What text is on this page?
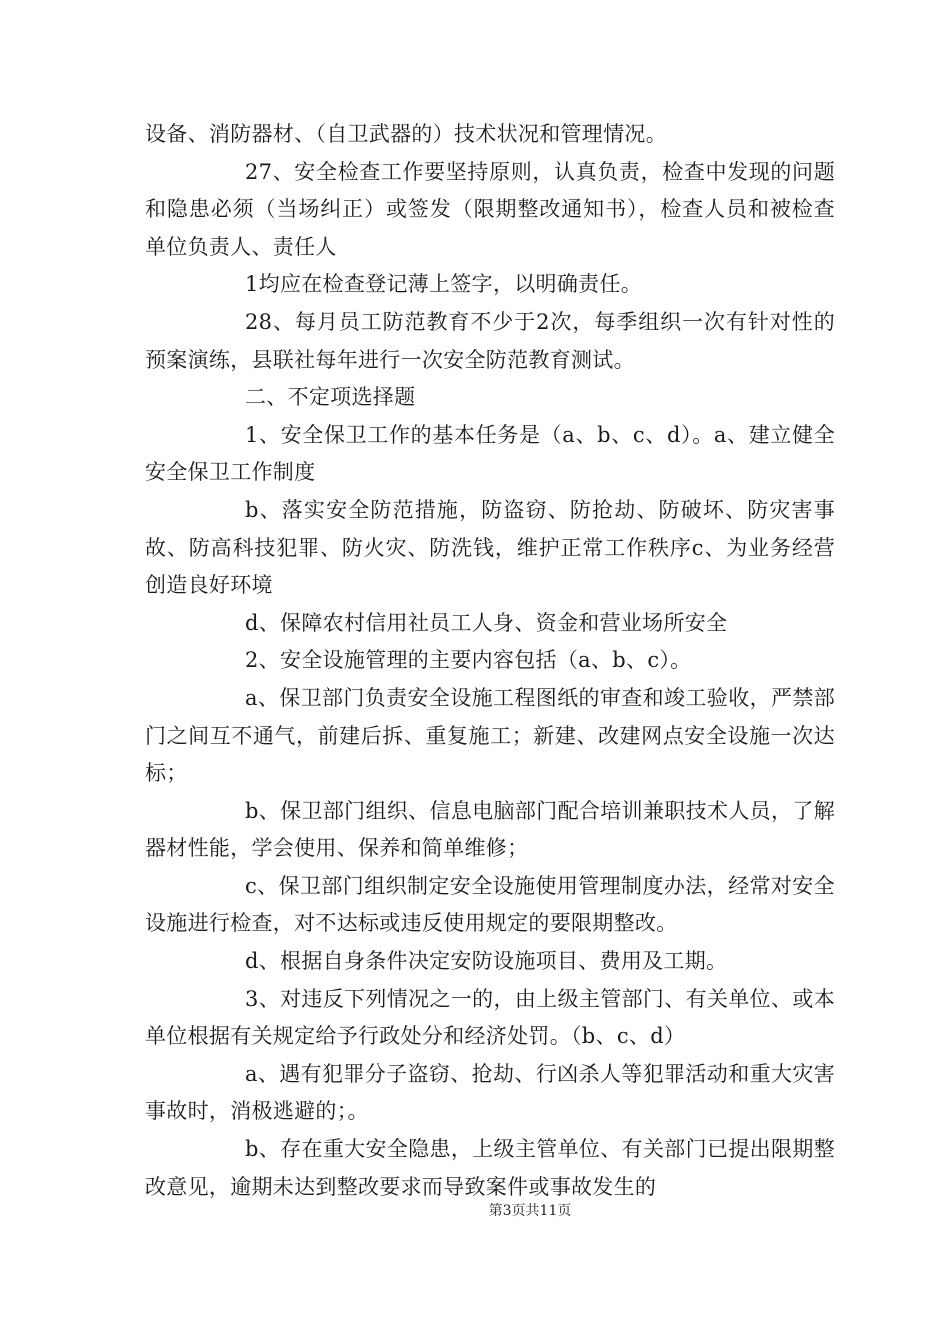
设备、消防器材、（自卫武器的）技术状况和管理情况。

27、安全检查工作要坚持原则，认真负责，检查中发现的问题和隐患必须（当场纠正）或签发（限期整改通知书），检查人员和被检查单位负责人、责任人

1均应在检查登记薄上签字，以明确责任。

28、每月员工防范教育不少于2次，每季组织一次有针对性的预案演练，县联社每年进行一次安全防范教育测试。

二、不定项选择题

1、安全保卫工作的基本任务是（a、b、c、d）。a、建立健全安全保卫工作制度

b、落实安全防范措施，防盗窃、防抢劫、防破坏、防灾害事故、防高科技犯罪、防火灾、防洗钱，维护正常工作秩序c、为业务经营创造良好环境

d、保障农村信用社员工人身、资金和营业场所安全

2、安全设施管理的主要内容包括（a、b、c）。

a、保卫部门负责安全设施工程图纸的审查和竣工验收，严禁部门之间互不通气，前建后拆、重复施工；新建、改建网点安全设施一次达标；

b、保卫部门组织、信息电脑部门配合培训兼职技术人员，了解器材性能，学会使用、保养和简单维修；

c、保卫部门组织制定安全设施使用管理制度办法，经常对安全设施进行检查，对不达标或违反使用规定的要限期整改。

d、根据自身条件决定安防设施项目、费用及工期。

3、对违反下列情况之一的，由上级主管部门、有关单位、或本单位根据有关规定给予行政处分和经济处罚。（b、c、d）

a、遇有犯罪分子盗窃、抢劫、行凶杀人等犯罪活动和重大灾害事故时，消极逃避的；。

b、存在重大安全隐患，上级主管单位、有关部门已提出限期整改意见，逾期未达到整改要求而导致案件或事故发生的

第3页共11页
